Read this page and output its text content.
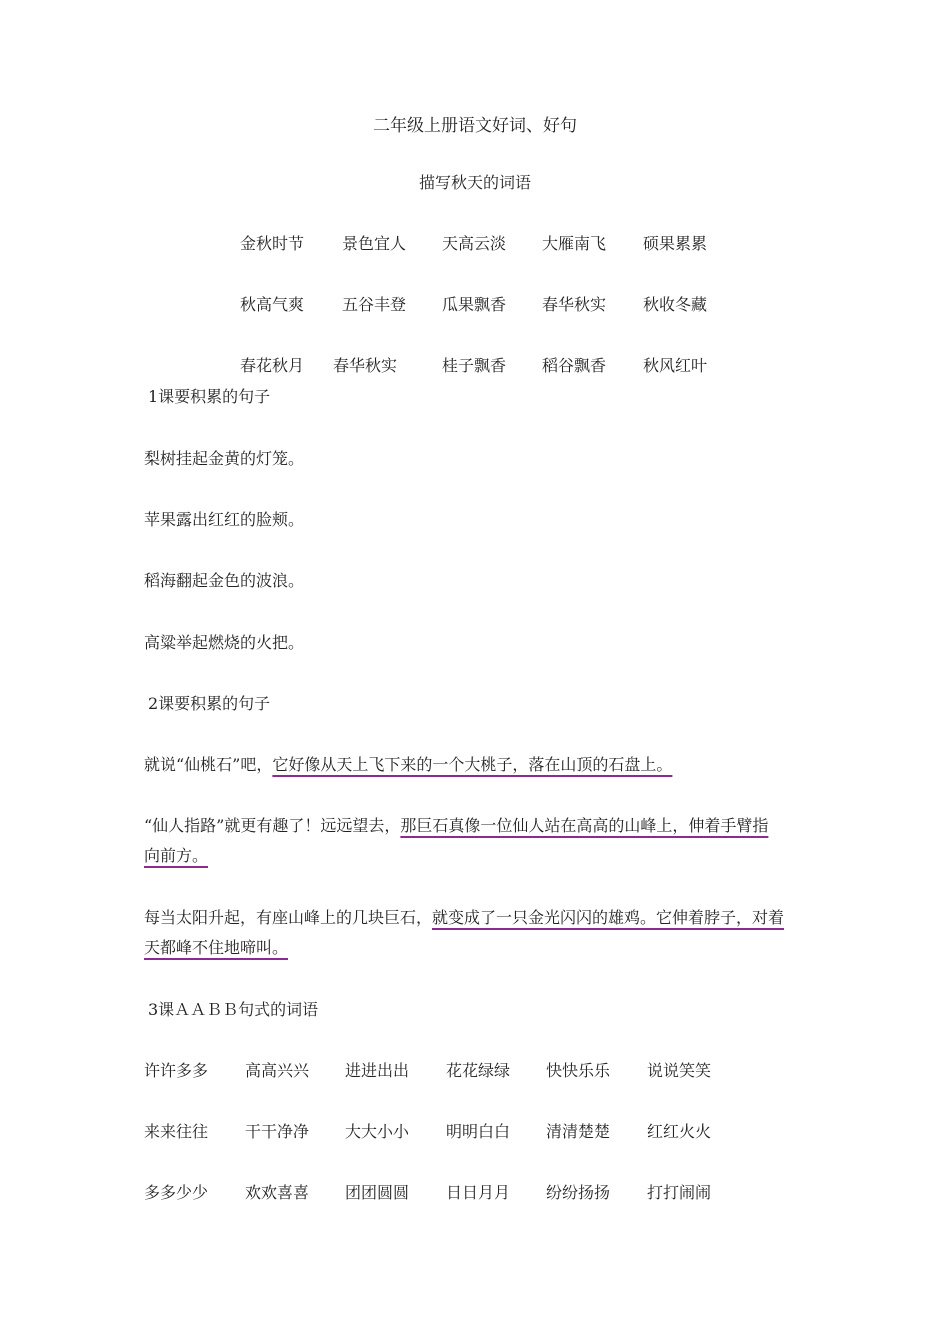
二年级上册语文好词、好句
描写秋天的词语
金秋时节 景色宜人 天高云淡 大雁南飞 硕果累累
秋高气爽 五谷丰登 瓜果飘香 春华秋实 秋收冬藏
春花秋月 春华秋实	桂子飘香 稻谷飘香 秋风红叶
1课要积累的句子
梨树挂起金黄的灯笼。
苹果露出红红的脸颊。
稻海翻起金色的波浪。
高粱举起燃烧的火把。
2课要积累的句子
就说“仙桃石”吧，它好像从天上飞下来的一个大桃子，落在山顶的石盘上。
“仙人指路”就更有趣了！远远望去，那巨石真像一位仙人站在高高的山峰上，伸着手臂指
向前方。
每当太阳升起，有座山峰上的几块巨石，就变成了一只金光闪闪的雄鸡。它伸着脖子，对着
天都峰不住地啼叫。
3课ＡＡＢＢ句式的词语
许许多多 高高兴兴 进进出出 花花绿绿 快快乐乐 说说笑笑
来来往往 干干净净 大大小小 明明白白 清清楚楚 红红火火
多多少少 欢欢喜喜 团团圆圆 日日月月 纷纷扬扬 打打闹闹
